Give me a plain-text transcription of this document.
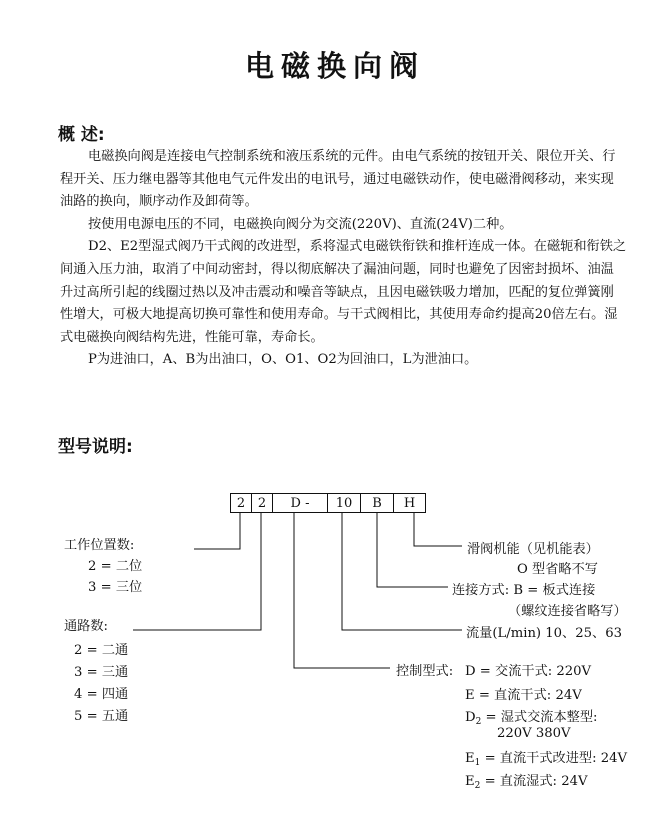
电磁换向阀
概 述:
电磁换向阀是连接电气控制系统和液压系统的元件。由电气系统的按钮开关、限位开关、行
程开关、压力继电器等其他电气元件发出的电讯号，通过电磁铁动作，使电磁滑阀移动，来实现
油路的换向，顺序动作及卸荷等。
按使用电源电压的不同，电磁换向阀分为交流(220V)、直流(24V)二种。
D2、E2型湿式阀乃干式阀的改进型，系将湿式电磁铁衔铁和推杆连成一体。在磁轭和衔铁之
间通入压力油，取消了中间动密封，得以彻底解决了漏油问题，同时也避免了因密封损坏、油温
升过高所引起的线圈过热以及冲击震动和噪音等缺点，且因电磁铁吸力增加，匹配的复位弹簧刚
性增大，可极大地提高切换可靠性和使用寿命。与干式阀相比，其使用寿命约提高20倍左右。湿
式电磁换向阀结构先进，性能可靠，寿命长。
P为进油口，A、B为出油口，O、O1、O2为回油口，L为泄油口。
型号说明:
2 2	D -	10	B	H
工作位置数:
2 = 二位
3 = 三位
通路数:
2 = 二通
3 = 三通
4 = 四通
5 = 五通
滑阀机能（见机能表）
O 型省略不写
连接方式: B = 板式连接
（螺纹连接省略写）
流量(L/min) 10、25、63
控制型式: D = 交流干式: 220V
E = 直流干式: 24V
$D_2$ = 湿式交流本整型:
220V 380V
$E_1$ = 直流干式改进型: 24V
$E_2$ = 直流湿式: 24V
